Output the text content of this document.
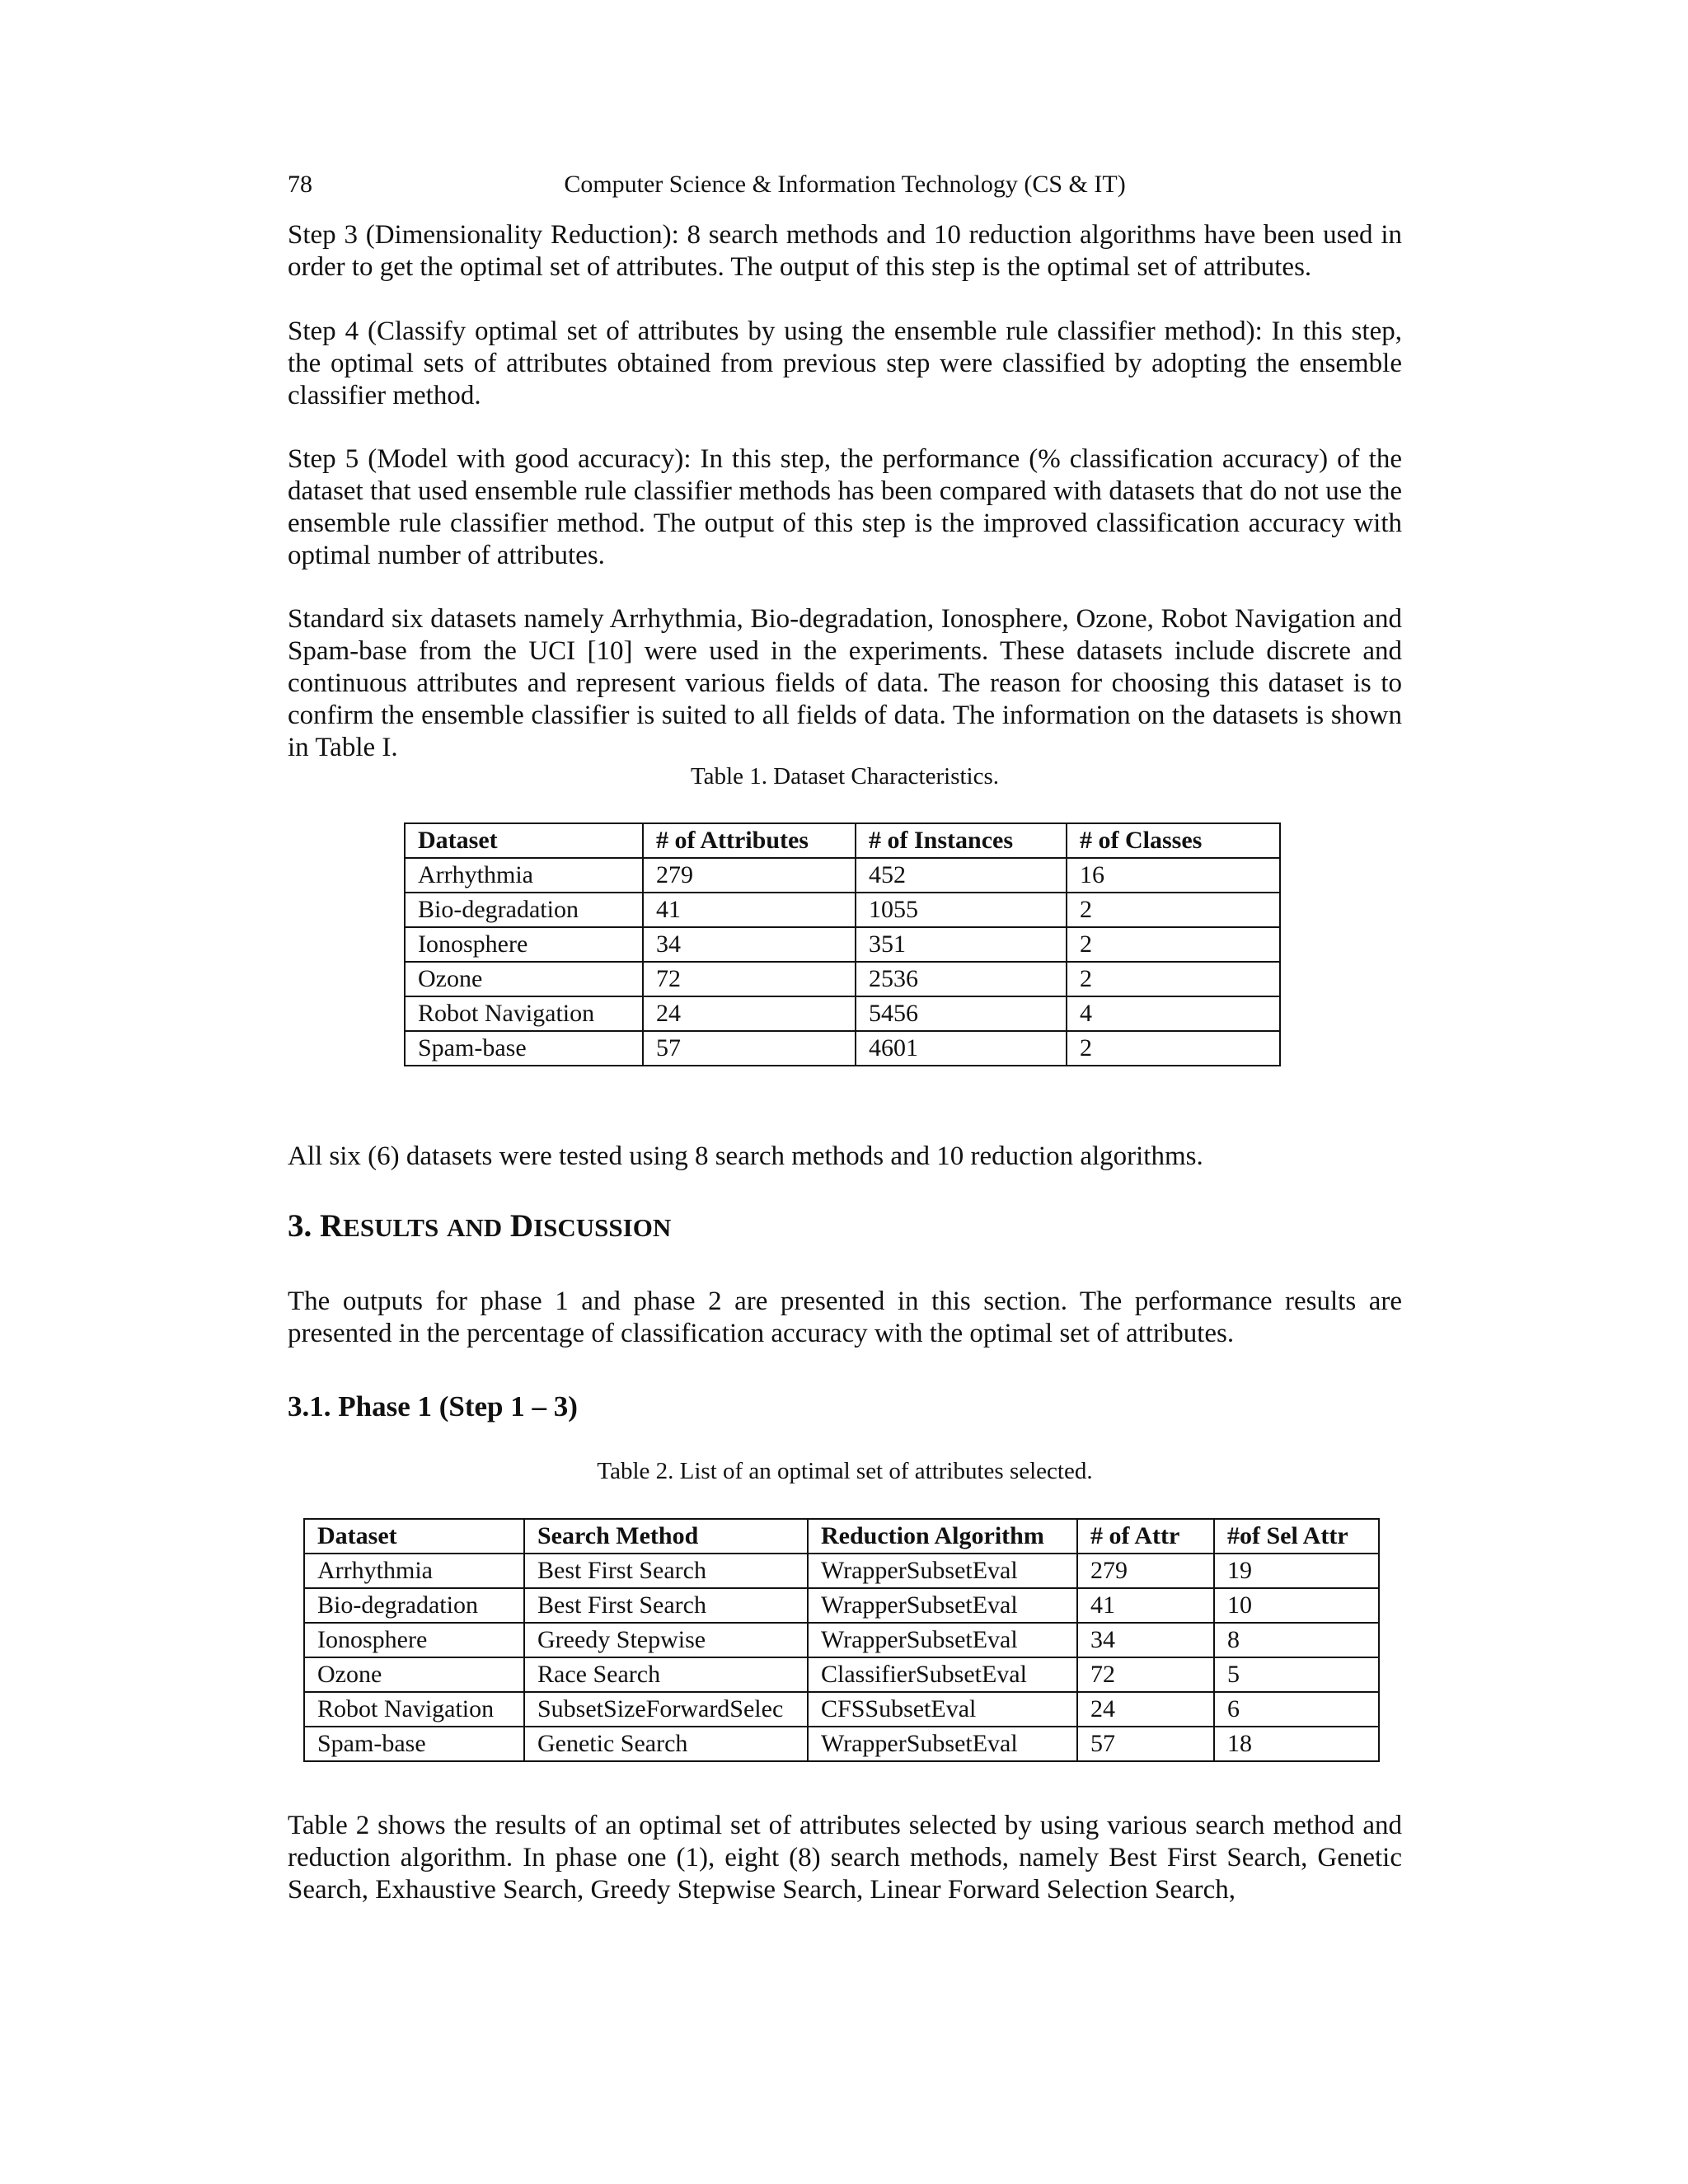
78	Computer Science & Information Technology (CS & IT)

Step 3 (Dimensionality Reduction): 8 search methods and 10 reduction algorithms have been used in order to get the optimal set of attributes. The output of this step is the optimal set of attributes.

Step 4 (Classify optimal set of attributes by using the ensemble rule classifier method): In this step, the optimal sets of attributes obtained from previous step were classified by adopting the ensemble classifier method.

Step 5 (Model with good accuracy): In this step, the performance (% classification accuracy) of the dataset that used ensemble rule classifier methods has been compared with datasets that do not use the ensemble rule classifier method. The output of this step is the improved classification accuracy with optimal number of attributes.

Standard six datasets namely Arrhythmia, Bio-degradation, Ionosphere, Ozone, Robot Navigation and Spam-base from the UCI [10] were used in the experiments. These datasets include discrete and continuous attributes and represent various fields of data. The reason for choosing this dataset is to confirm the ensemble classifier is suited to all fields of data. The information on the datasets is shown in Table I.

Table 1. Dataset Characteristics.

Dataset	# of Attributes	# of Instances	# of Classes
Arrhythmia	279	452	16
Bio-degradation	41	1055	2
Ionosphere	34	351	2
Ozone	72	2536	2
Robot Navigation	24	5456	4
Spam-base	57	4601	2

All six (6) datasets were tested using 8 search methods and 10 reduction algorithms.

3. RESULTS AND DISCUSSION

The outputs for phase 1 and phase 2 are presented in this section. The performance results are presented in the percentage of classification accuracy with the optimal set of attributes.

3.1. Phase 1 (Step 1 – 3)

Table 2. List of an optimal set of attributes selected.

Dataset	Search Method	Reduction Algorithm	# of Attr	#of Sel Attr
Arrhythmia	Best First Search	WrapperSubsetEval	279	19
Bio-degradation	Best First Search	WrapperSubsetEval	41	10
Ionosphere	Greedy Stepwise	WrapperSubsetEval	34	8
Ozone	Race Search	ClassifierSubsetEval	72	5
Robot Navigation	SubsetSizeForwardSelec	CFSSubsetEval	24	6
Spam-base	Genetic Search	WrapperSubsetEval	57	18

Table 2 shows the results of an optimal set of attributes selected by using various search method and reduction algorithm. In phase one (1), eight (8) search methods, namely Best First Search, Genetic Search, Exhaustive Search, Greedy Stepwise Search, Linear Forward Selection Search,
